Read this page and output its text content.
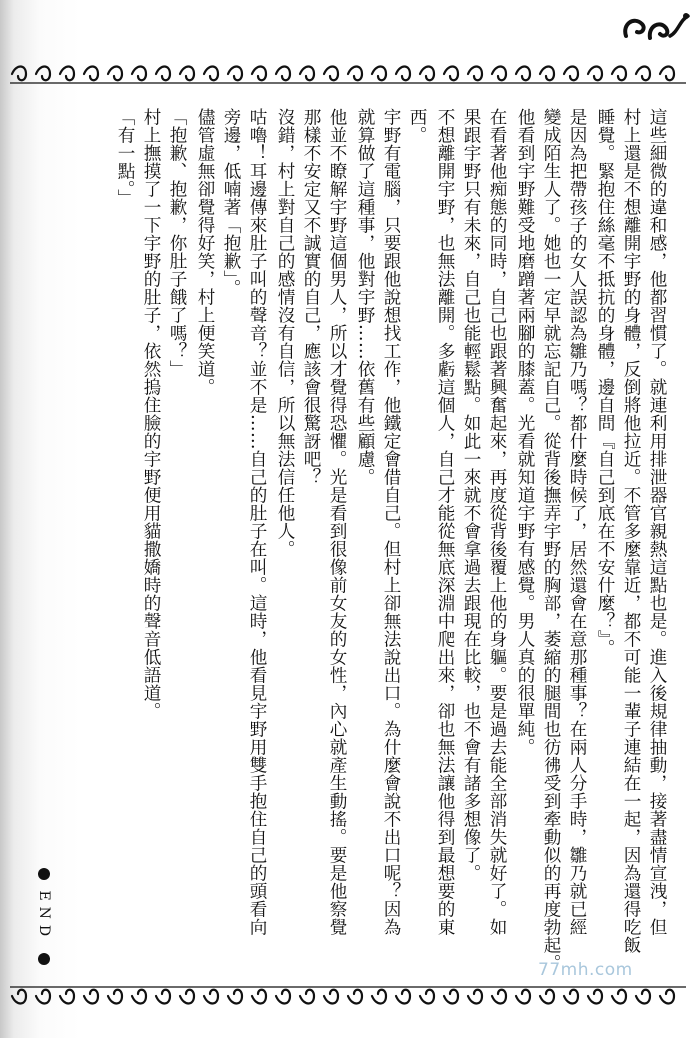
這些細微的違和感，他都習慣了。就連利用排泄器官親熱這點也是。進入後規律抽動，接著盡情宣洩，但
村上還是不想離開宇野的身體，反倒將他拉近。不管多麼靠近，都不可能一輩子連結在一起，因為還得吃飯
睡覺。緊抱住絲毫不抵抗的身體，邊自問『自己到底在不安什麼？』。
是因為把帶孩子的女人誤認為雛乃嗎？都什麼時候了，居然還會在意那種事？在兩人分手時，雛乃就已經
變成陌生人了。她也一定早就忘記自己。從背後撫弄宇野的胸部，萎縮的腿間也彷彿受到牽動似的再度勃起。
他看到宇野難受地磨蹭著兩腳的膝蓋。光看就知道宇野有感覺。男人真的很單純。
在看著他痴態的同時，自己也跟著興奮起來，再度從背後覆上他的身軀。要是過去能全部消失就好了。如
果跟宇野只有未來，自己也能輕鬆點。如此一來就不會拿過去跟現在比較，也不會有諸多想像了。
不想離開宇野，也無法離開。多虧這個人，自己才能從無底深淵中爬出來，卻也無法讓他得到最想要的東
西。
宇野有電腦，只要跟他說想找工作，他鐵定會借自己。但村上卻無法說出口。為什麼會說不出口呢？因為
就算做了這種事，他對宇野……依舊有些顧慮。
他並不瞭解宇野這個男人，所以才覺得恐懼。光是看到很像前女友的女性，內心就產生動搖。要是他察覺
那樣不安定又不誠實的自己，應該會很驚訝吧？
沒錯，村上對自己的感情沒有自信，所以無法信任他人。
咕嚕！耳邊傳來肚子叫的聲音？並不是……自己的肚子在叫。這時，他看見宇野用雙手抱住自己的頭看向
旁邊，低喃著「抱歉」。
儘管虛無卻覺得好笑，村上便笑道。
「抱歉、抱歉，你肚子餓了嗎？」
村上撫摸了一下宇野的肚子，依然摀住臉的宇野便用貓撒嬌時的聲音低語道。
「有一點。」
END
77mh.com
